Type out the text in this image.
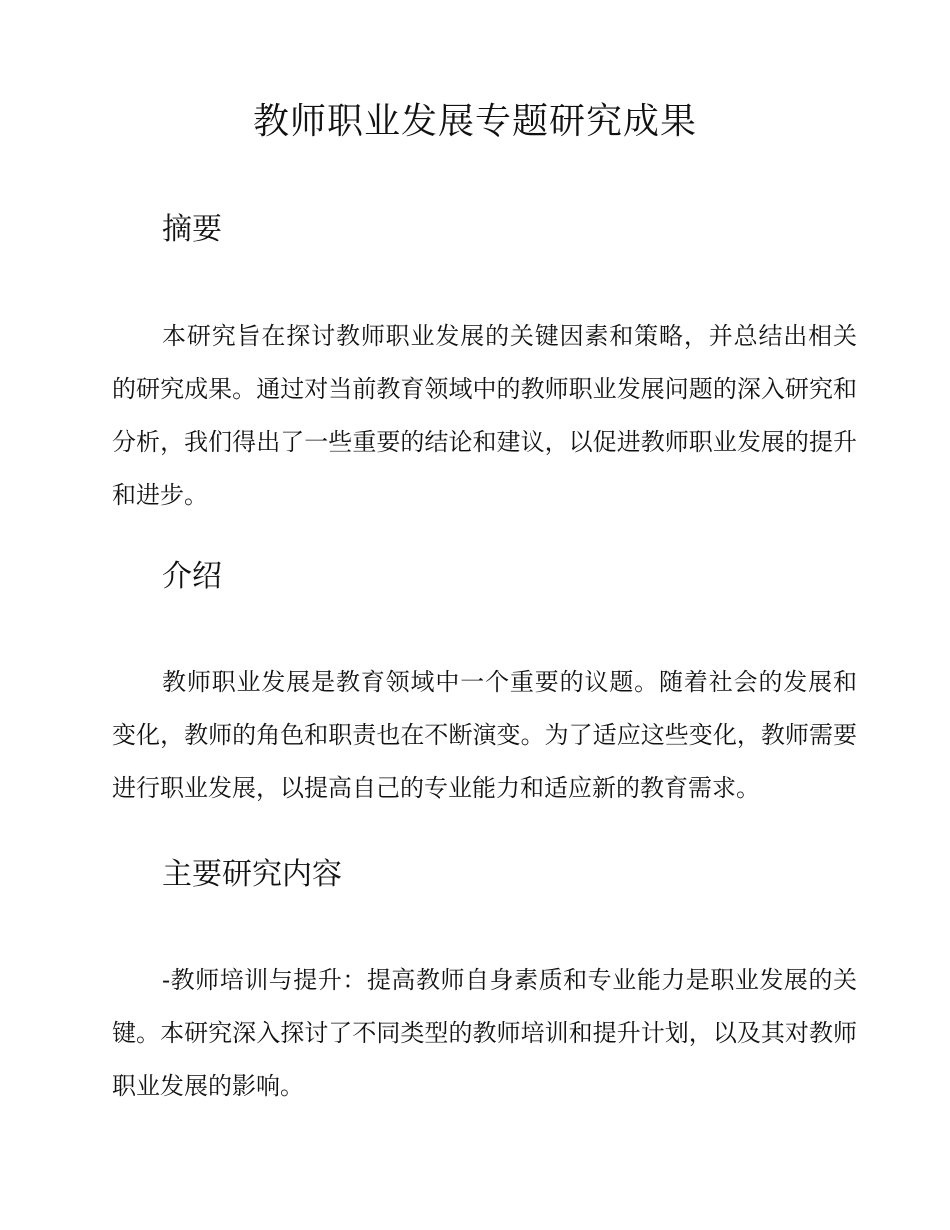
教师职业发展专题研究成果
摘要

本研究旨在探讨教师职业发展的关键因素和策略，并总结出相关的研究成果。通过对当前教育领域中的教师职业发展问题的深入研究和分析，我们得出了一些重要的结论和建议，以促进教师职业发展的提升和进步。

介绍

教师职业发展是教育领域中一个重要的议题。随着社会的发展和变化，教师的角色和职责也在不断演变。为了适应这些变化，教师需要进行职业发展，以提高自己的专业能力和适应新的教育需求。

主要研究内容

-教师培训与提升：提高教师自身素质和专业能力是职业发展的关键。本研究深入探讨了不同类型的教师培训和提升计划，以及其对教师职业发展的影响。
